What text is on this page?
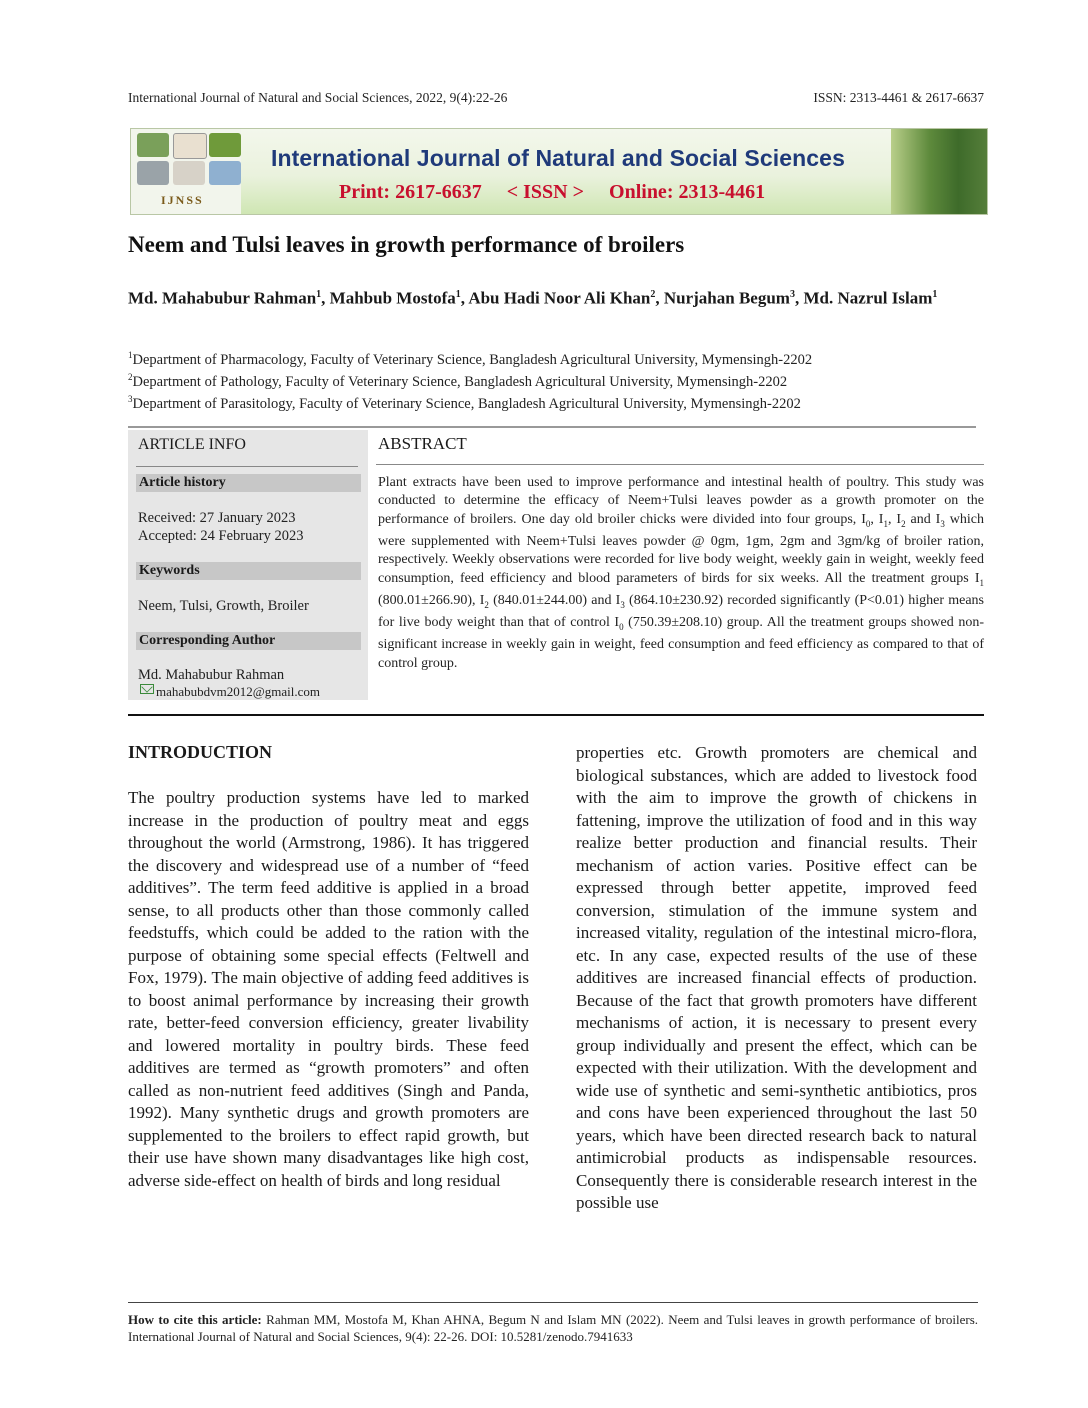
International Journal of Natural and Social Sciences, 2022, 9(4):22-26	ISSN: 2313-4461 & 2617-6637
IJNSS
International Journal of Natural and Social Sciences
Print: 2617-6637     < ISSN >     Online: 2313-4461
Neem and Tulsi leaves in growth performance of broilers
Md. Mahabubur Rahman$^1$, Mahbub Mostofa$^1$, Abu Hadi Noor Ali Khan$^2$, Nurjahan Begum$^3$, Md. Nazrul Islam$^1$
$^1$Department of Pharmacology, Faculty of Veterinary Science, Bangladesh Agricultural University, Mymensingh-2202
$^2$Department of Pathology, Faculty of Veterinary Science, Bangladesh Agricultural University, Mymensingh-2202
$^3$Department of Parasitology, Faculty of Veterinary Science, Bangladesh Agricultural University, Mymensingh-2202
ARTICLE INFO
Article history
Received: 27 January 2023
Accepted: 24 February 2023
Keywords
Neem, Tulsi, Growth, Broiler
Corresponding Author
Md. Mahabubur Rahman
mahabubdvm2012@gmail.com
ABSTRACT
Plant extracts have been used to improve performance and intestinal health of poultry. This study was conducted to determine the efficacy of Neem+Tulsi leaves powder as a growth promoter on the performance of broilers. One day old broiler chicks were divided into four groups, $I_0$, $I_1$, $I_2$ and $I_3$ which were supplemented with Neem+Tulsi leaves powder @ 0gm, 1gm, 2gm and 3gm/kg of broiler ration, respectively. Weekly observations were recorded for live body weight, weekly gain in weight, weekly feed consumption, feed efficiency and blood parameters of birds for six weeks. All the treatment groups $I_1$ (800.01±266.90), $I_2$ (840.01±244.00) and $I_3$ (864.10±230.92) recorded significantly (P<0.01) higher means for live body weight than that of control $I_0$ (750.39±208.10) group. All the treatment groups showed non-significant increase in weekly gain in weight, feed consumption and feed efficiency as compared to that of control group.
INTRODUCTION
The poultry production systems have led to marked increase in the production of poultry meat and eggs throughout the world (Armstrong, 1986). It has triggered the discovery and widespread use of a number of “feed additives”. The term feed additive is applied in a broad sense, to all products other than those commonly called feedstuffs, which could be added to the ration with the purpose of obtaining some special effects (Feltwell and Fox, 1979). The main objective of adding feed additives is to boost animal performance by increasing their growth rate, better-feed conversion efficiency, greater livability and lowered mortality in poultry birds. These feed additives are termed as “growth promoters” and often called as non-nutrient feed additives (Singh and Panda, 1992). Many synthetic drugs and growth promoters are supplemented to the broilers to effect rapid growth, but their use have shown many disadvantages like high cost, adverse side-effect on health of birds and long residual
properties etc. Growth promoters are chemical and biological substances, which are added to livestock food with the aim to improve the growth of chickens in fattening, improve the utilization of food and in this way realize better production and financial results. Their mechanism of action varies. Positive effect can be expressed through better appetite, improved feed conversion, stimulation of the immune system and increased vitality, regulation of the intestinal micro-flora, etc. In any case, expected results of the use of these additives are increased financial effects of production. Because of the fact that growth promoters have different mechanisms of action, it is necessary to present every group individually and present the effect, which can be expected with their utilization. With the development and wide use of synthetic and semi-synthetic antibiotics, pros and cons have been experienced throughout the last 50 years, which have been directed research back to natural antimicrobial products as indispensable resources. Consequently there is considerable research interest in the possible use
How to cite this article: Rahman MM, Mostofa M, Khan AHNA, Begum N and Islam MN (2022). Neem and Tulsi leaves in growth performance of broilers. International Journal of Natural and Social Sciences, 9(4): 22-26. DOI: 10.5281/zenodo.7941633
